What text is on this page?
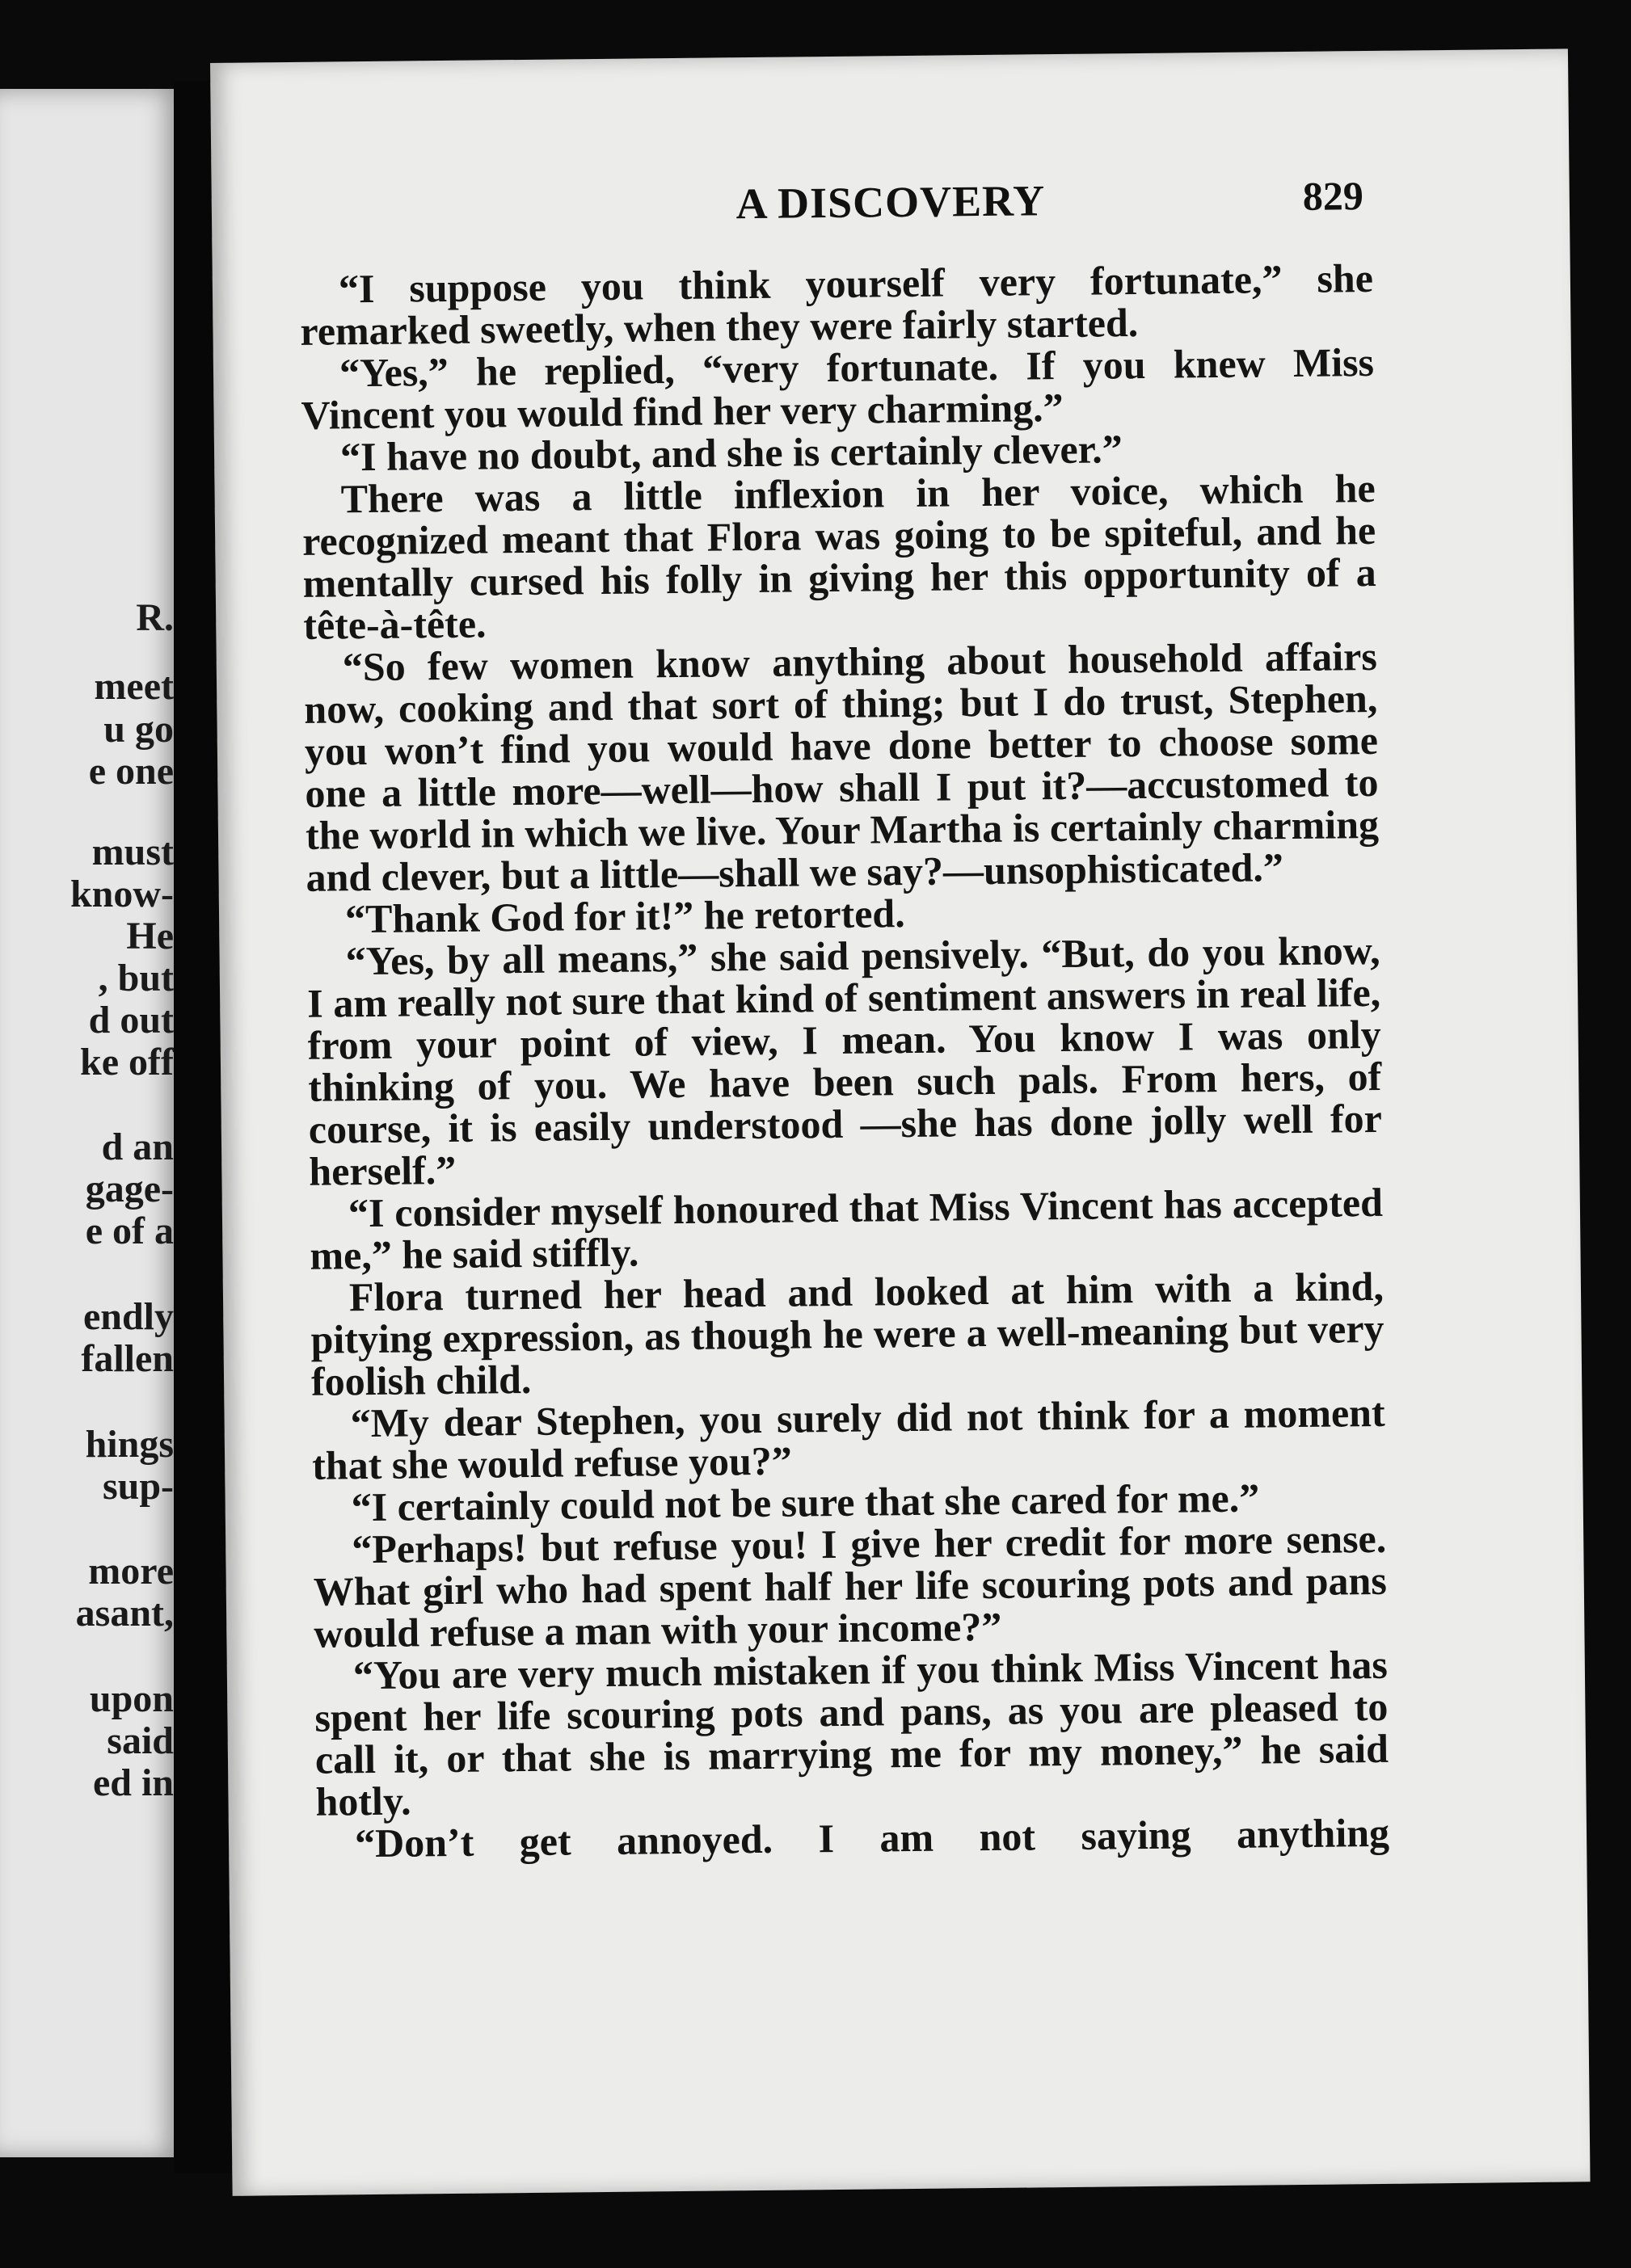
R.
meet
u go
e one
must
know-
He
, but
d out
ke off
d an
gage-
e of a
endly
fallen
hings
sup-
more
asant,
upon
said
ed in
A DISCOVERY	829

“I suppose you think yourself very fortunate,” she remarked sweetly, when they were fairly started.

“Yes,” he replied, “very fortunate. If you knew Miss Vincent you would find her very charming.”

“I have no doubt, and she is certainly clever.”

There was a little inflexion in her voice, which he recognized meant that Flora was going to be spiteful, and he mentally cursed his folly in giving her this opportunity of a tête-à-tête.

“So few women know anything about household affairs now, cooking and that sort of thing; but I do trust, Stephen, you won’t find you would have done better to choose some one a little more—well—how shall I put it?—accustomed to the world in which we live. Your Martha is certainly charming and clever, but a little—shall we say?—unsophisticated.”

“Thank God for it!” he retorted.

“Yes, by all means,” she said pensively. “But, do you know, I am really not sure that kind of sentiment answers in real life, from your point of view, I mean. You know I was only thinking of you. We have been such pals. From hers, of course, it is easily understood —she has done jolly well for herself.”

“I consider myself honoured that Miss Vincent has accepted me,” he said stiffly.

Flora turned her head and looked at him with a kind, pitying expression, as though he were a well-meaning but very foolish child.

“My dear Stephen, you surely did not think for a moment that she would refuse you?”

“I certainly could not be sure that she cared for me.”

“Perhaps! but refuse you! I give her credit for more sense. What girl who had spent half her life scouring pots and pans would refuse a man with your income?”

“You are very much mistaken if you think Miss Vincent has spent her life scouring pots and pans, as you are pleased to call it, or that she is marrying me for my money,” he said hotly.

“Don’t get annoyed. I am not saying anything
